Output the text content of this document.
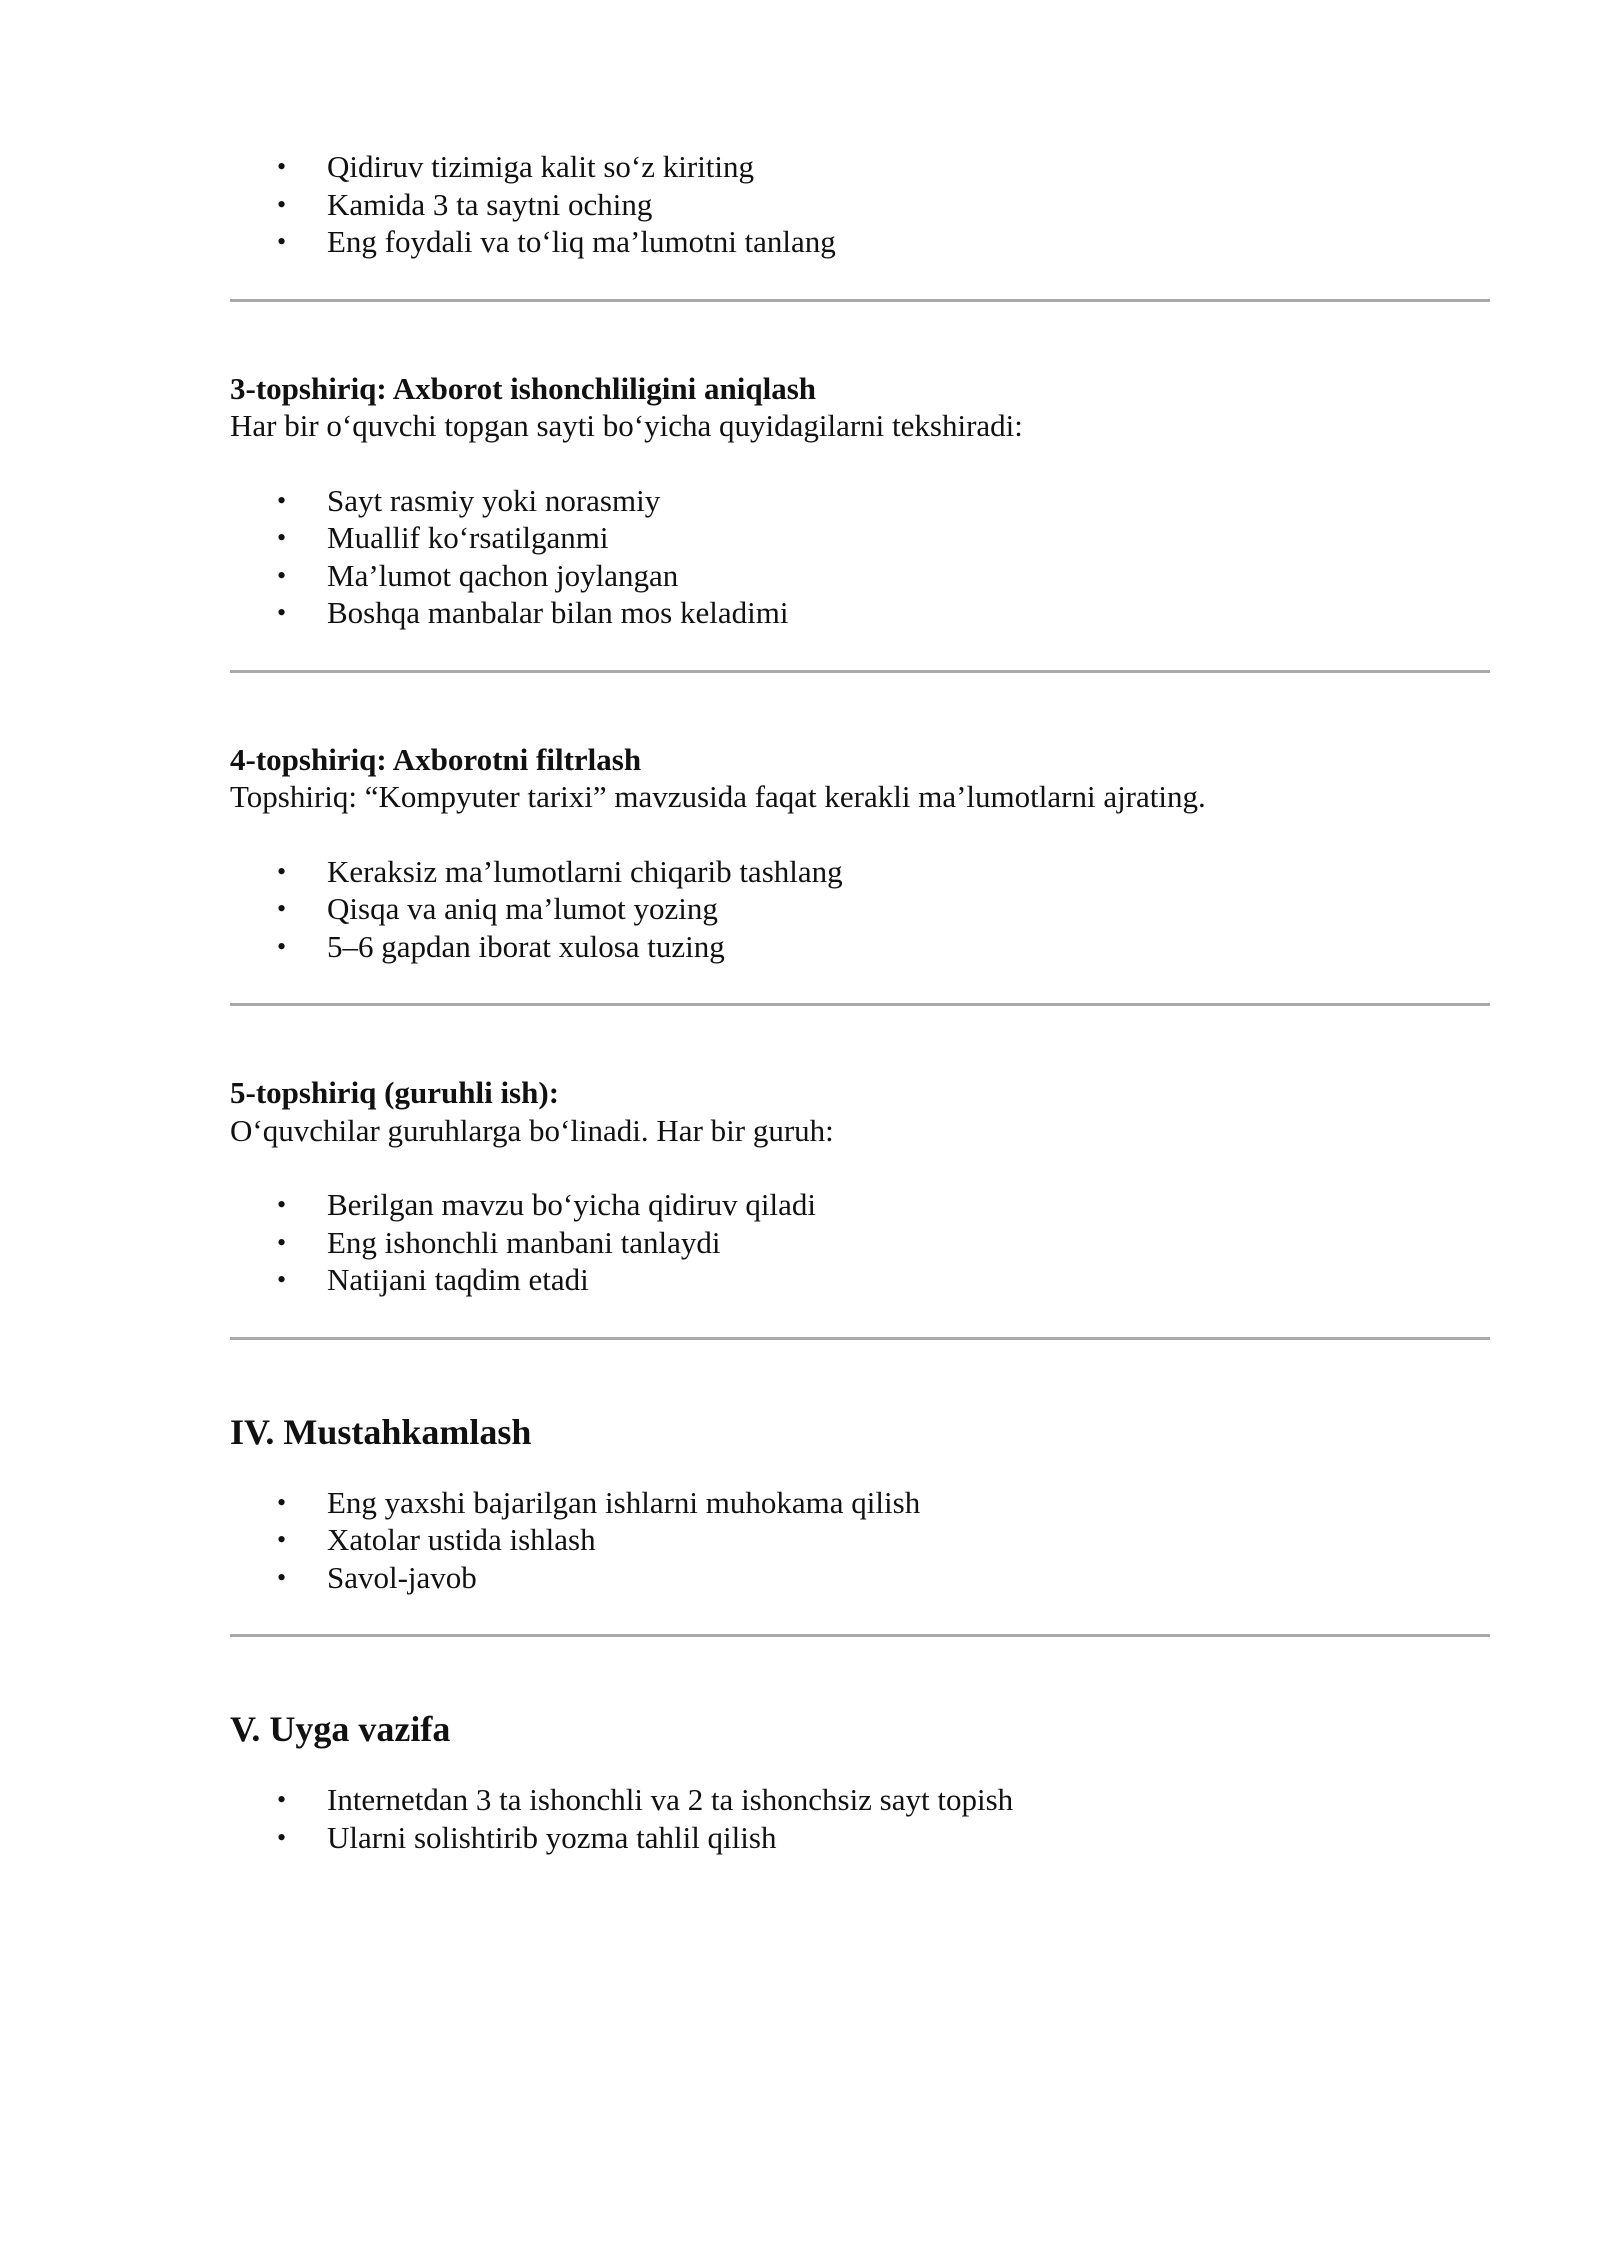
• Qidiruv tizimiga kalit so‘z kiriting
• Kamida 3 ta saytni oching
• Eng foydali va to‘liq ma’lumotni tanlang
3-topshiriq: Axborot ishonchliligini aniqlash
Har bir o‘quvchi topgan sayti bo‘yicha quyidagilarni tekshiradi:
• Sayt rasmiy yoki norasmiy
• Muallif ko‘rsatilganmi
• Ma’lumot qachon joylangan
• Boshqa manbalar bilan mos keladimi
4-topshiriq: Axborotni filtrlash
Topshiriq: “Kompyuter tarixi” mavzusida faqat kerakli ma’lumotlarni ajrating.
• Keraksiz ma’lumotlarni chiqarib tashlang
• Qisqa va aniq ma’lumot yozing
• 5–6 gapdan iborat xulosa tuzing
5-topshiriq (guruhli ish):
O‘quvchilar guruhlarga bo‘linadi. Har bir guruh:
• Berilgan mavzu bo‘yicha qidiruv qiladi
• Eng ishonchli manbani tanlaydi
• Natijani taqdim etadi
IV. Mustahkamlash
• Eng yaxshi bajarilgan ishlarni muhokama qilish
• Xatolar ustida ishlash
• Savol-javob
V. Uyga vazifa
• Internetdan 3 ta ishonchli va 2 ta ishonchsiz sayt topish
• Ularni solishtirib yozma tahlil qilish
